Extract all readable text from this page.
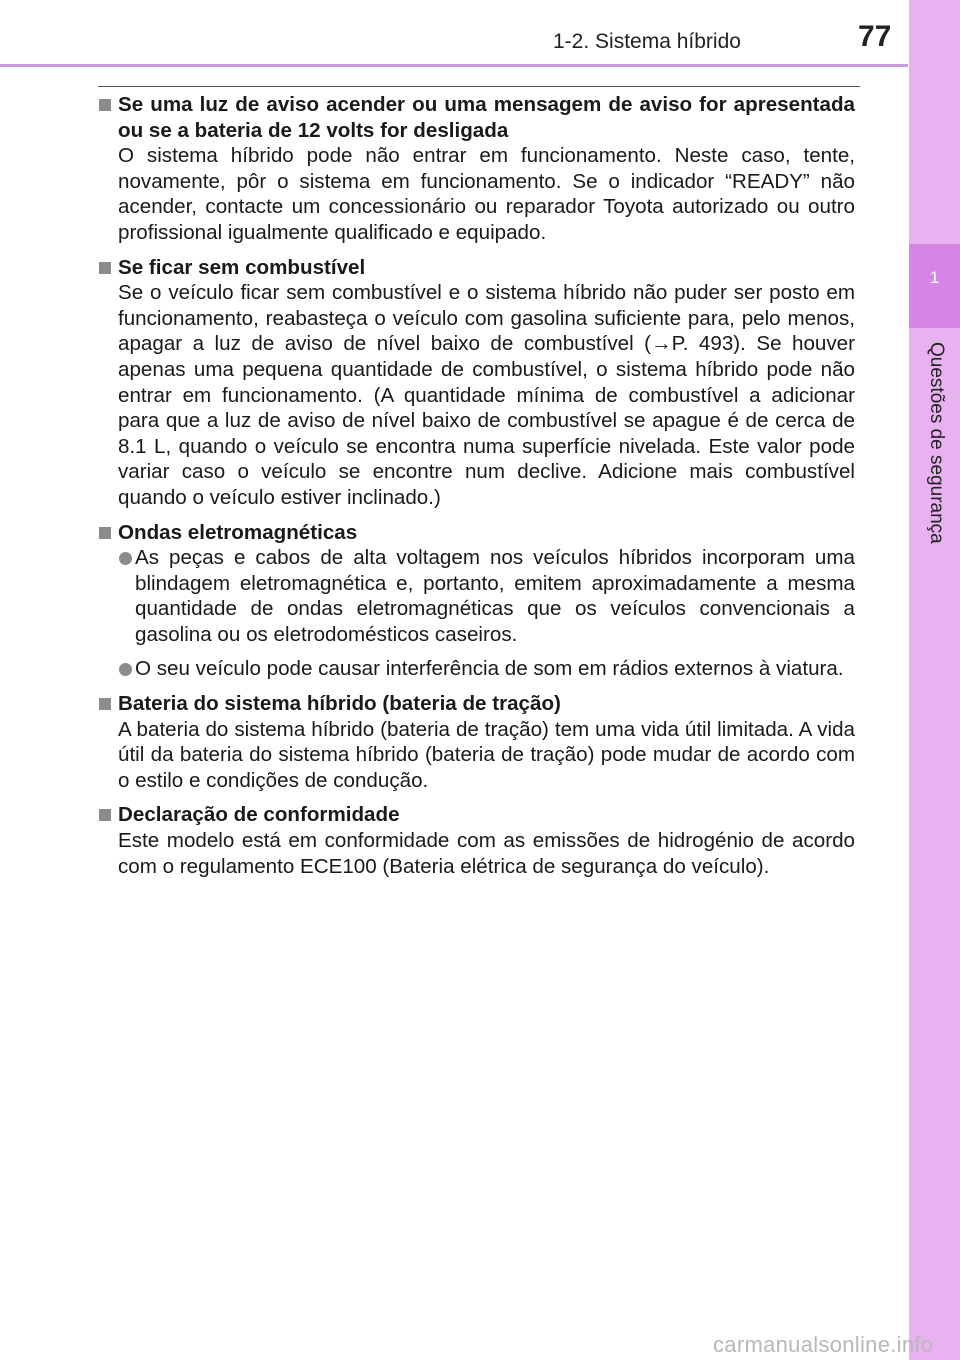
1-2. Sistema híbrido	77
1
Questões de segurança
Se uma luz de aviso acender ou uma mensagem de aviso for apresentada ou se a bateria de 12 volts for desligada
O sistema híbrido pode não entrar em funcionamento. Neste caso, tente, novamente, pôr o sistema em funcionamento. Se o indicador “READY” não acender, contacte um concessionário ou reparador Toyota autorizado ou outro profissional igualmente qualificado e equipado.
Se ficar sem combustível
Se o veículo ficar sem combustível e o sistema híbrido não puder ser posto em funcionamento, reabasteça o veículo com gasolina suficiente para, pelo menos, apagar a luz de aviso de nível baixo de combustível (→P. 493). Se houver apenas uma pequena quantidade de combustível, o sistema híbrido pode não entrar em funcionamento. (A quantidade mínima de combustível a adicionar para que a luz de aviso de nível baixo de combustível se apague é de cerca de 8.1 L, quando o veículo se encontra numa superfície nivelada. Este valor pode variar caso o veículo se encontre num declive. Adicione mais combustível quando o veículo estiver inclinado.)
Ondas eletromagnéticas
As peças e cabos de alta voltagem nos veículos híbridos incorporam uma blindagem eletromagnética e, portanto, emitem aproximadamente a mesma quantidade de ondas eletromagnéticas que os veículos convencionais a gasolina ou os eletrodomésticos caseiros.
O seu veículo pode causar interferência de som em rádios externos à viatura.
Bateria do sistema híbrido (bateria de tração)
A bateria do sistema híbrido (bateria de tração) tem uma vida útil limitada. A vida útil da bateria do sistema híbrido (bateria de tração) pode mudar de acordo com o estilo e condições de condução.
Declaração de conformidade
Este modelo está em conformidade com as emissões de hidrogénio de acordo com o regulamento ECE100 (Bateria elétrica de segurança do veículo).
carmanualsonline.info
